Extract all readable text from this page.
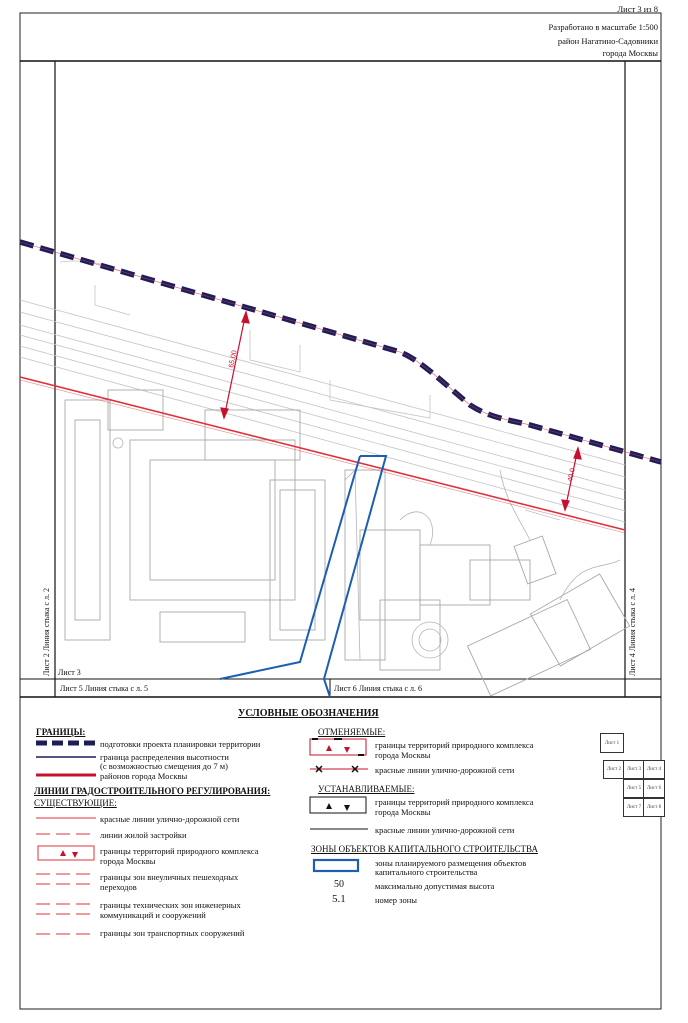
Лист 3 из 8
Разработано в масштабе 1:500
район Нагатино-Садовники
города Москвы
65.00
40.0
Лист 3
Лист 5 Линия стыка с л. 5	Лист 6 Линия стыка с л. 6
Лист 2 Линия стыка с л. 2	Лист 4 Линия стыка с л. 4
УСЛОВНЫЕ ОБОЗНАЧЕНИЯ
ГРАНИЦЫ:
подготовки проекта планировки территории
граница распределения высотности
(с возможностью смещения до 7 м)
районов города Москвы
ЛИНИИ ГРАДОСТРОИТЕЛЬНОГО РЕГУЛИРОВАНИЯ:
СУЩЕСТВУЮЩИЕ:
красные линии улично-дорожной сети
линии жилой застройки
границы территорий природного комплекса
города Москвы
границы зон внеуличных пешеходных
переходов
границы технических зон инженерных
коммуникаций и сооружений
границы зон транспортных сооружений
ОТМЕНЯЕМЫЕ:
границы территорий природного комплекса
города Москвы
красные линии улично-дорожной сети
УСТАНАВЛИВАЕМЫЕ:
границы территорий природного комплекса
города Москвы
красные линии улично-дорожной сети
ЗОНЫ ОБЪЕКТОВ КАПИТАЛЬНОГО СТРОИТЕЛЬСТВА
зоны планируемого размещения объектов
капитального строительства
50	максимально допустимая высота
5.1	номер зоны
Лист 1
Лист 2	Лист 3	Лист 4
Лист 5	Лист 6
Лист 7	Лист 8
